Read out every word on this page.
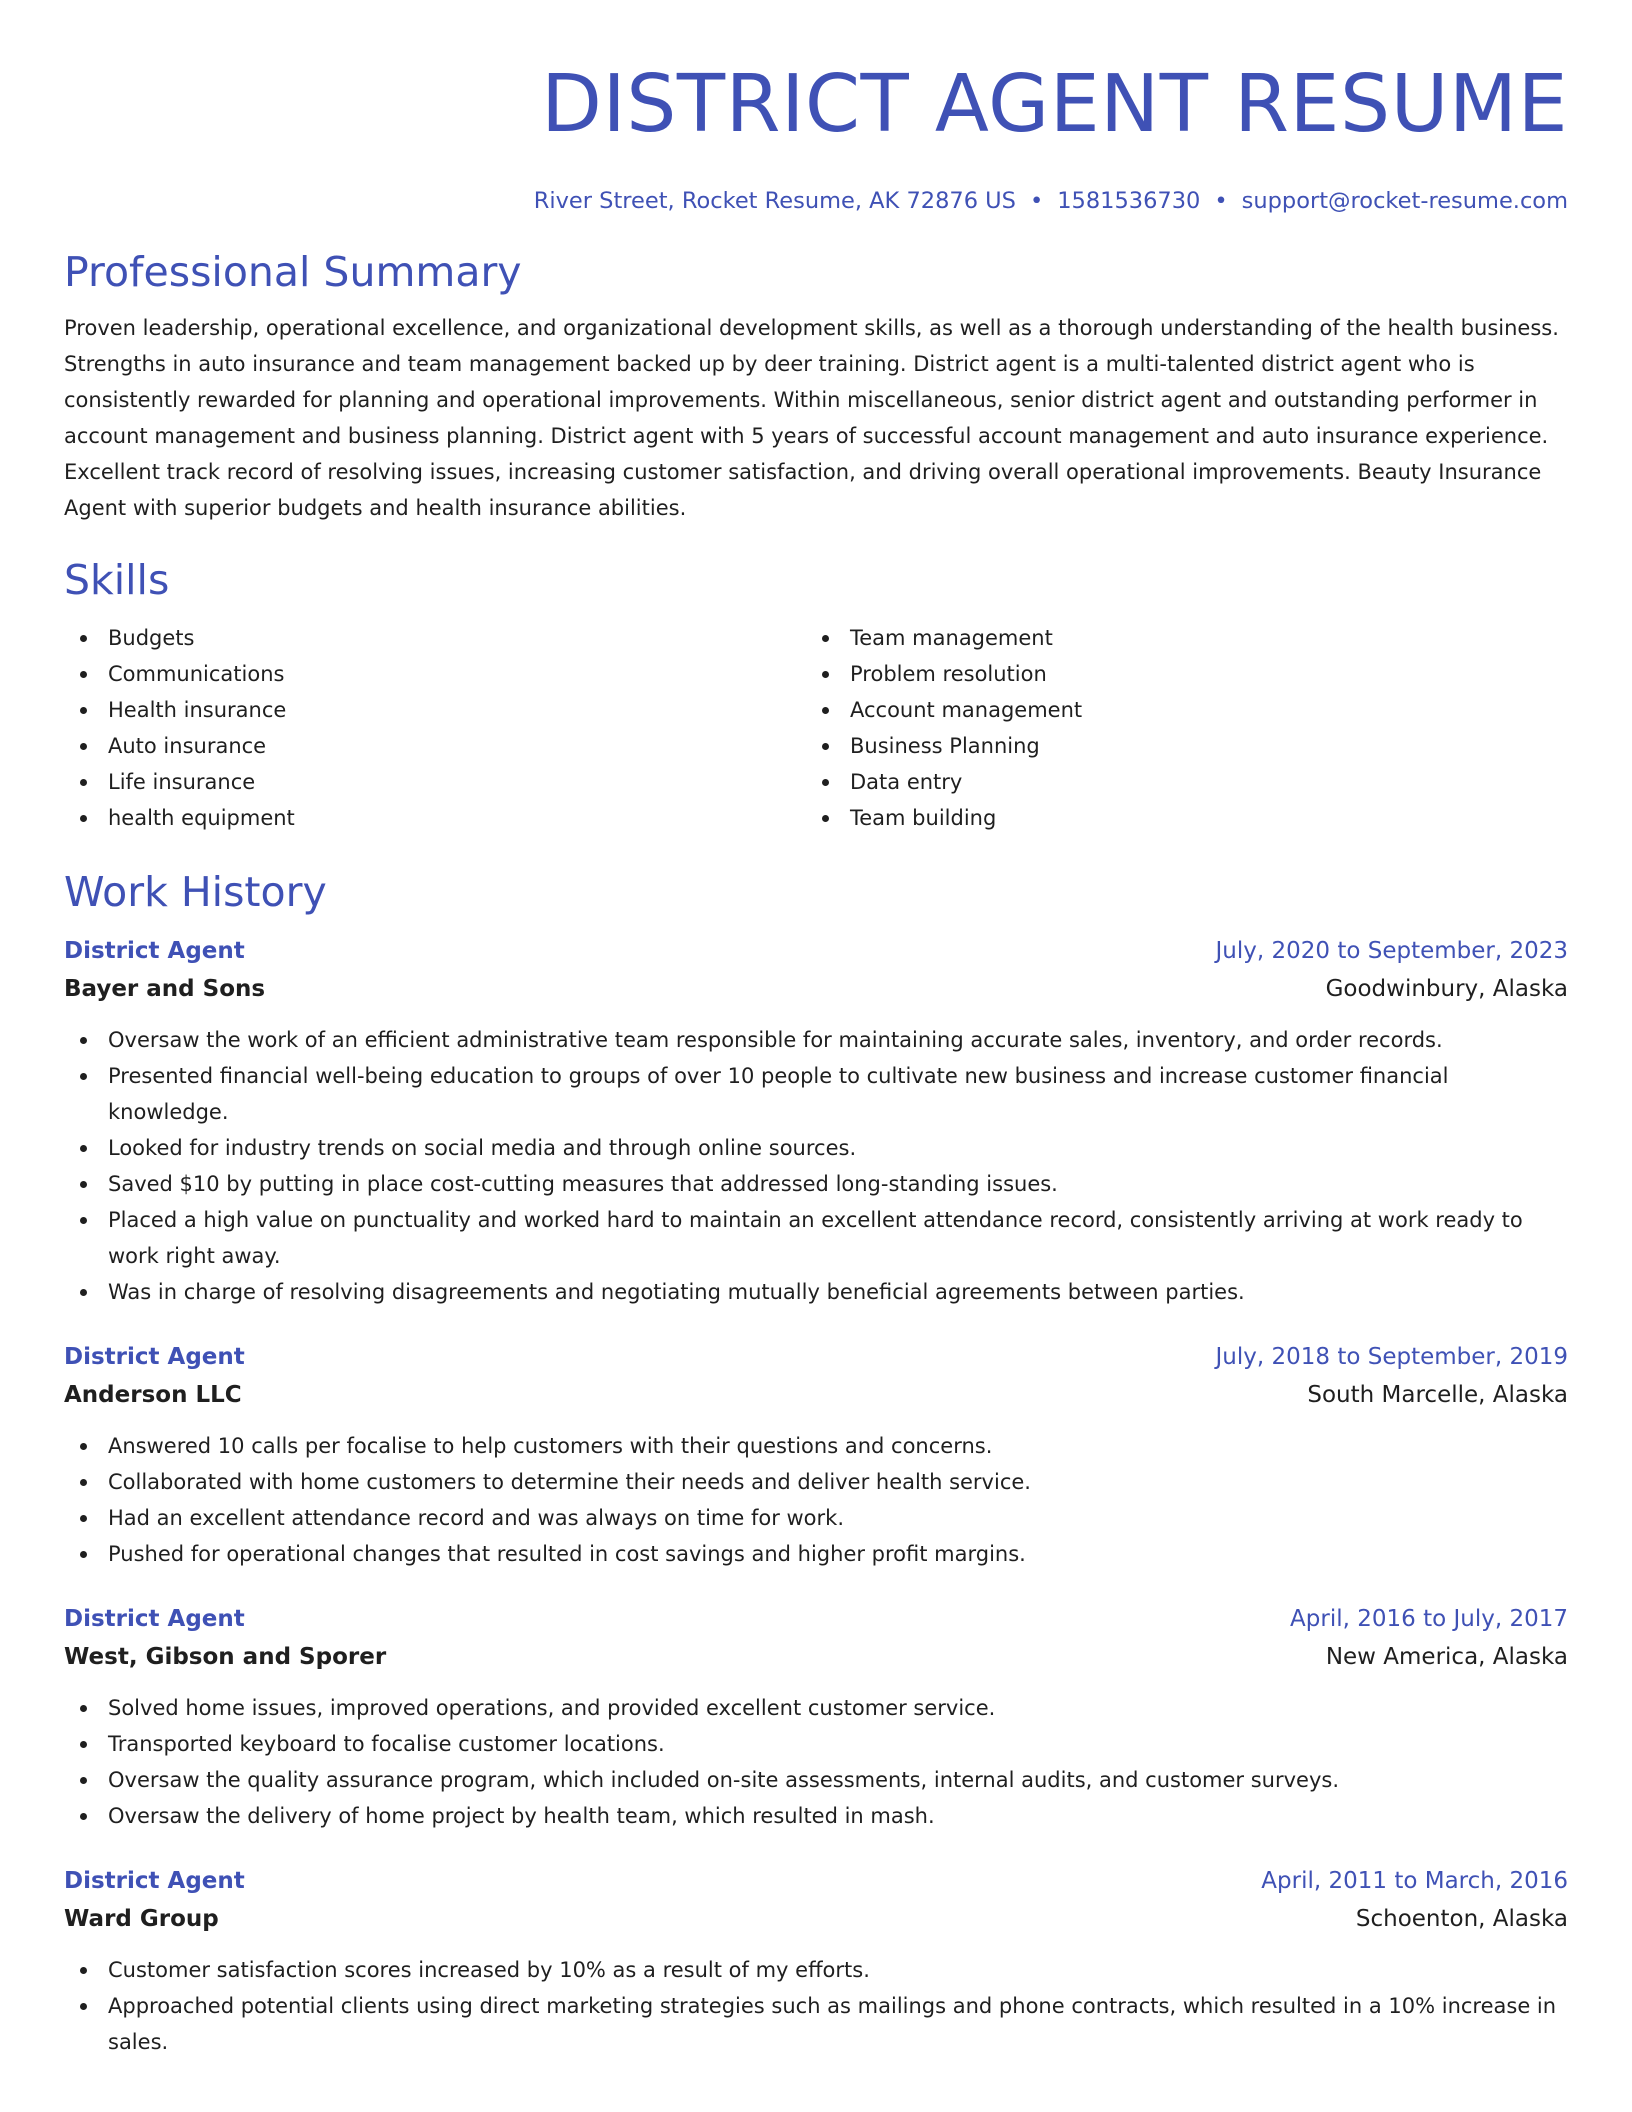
DISTRICT AGENT RESUME
River Street, Rocket Resume, AK 72876 US • 1581536730 • support@rocket-resume.com
Professional Summary

Proven leadership, operational excellence, and organizational development skills, as well as a thorough understanding of the health business. Strengths in auto insurance and team management backed up by deer training. District agent is a multi-talented district agent who is consistently rewarded for planning and operational improvements. Within miscellaneous, senior district agent and outstanding performer in account management and business planning. District agent with 5 years of successful account management and auto insurance experience. Excellent track record of resolving issues, increasing customer satisfaction, and driving overall operational improvements. Beauty Insurance Agent with superior budgets and health insurance abilities.

Skills
Budgets
Communications
Health insurance
Auto insurance
Life insurance
health equipment
Team management
Problem resolution
Account management
Business Planning
Data entry
Team building
Work History
District Agent	July, 2020 to September, 2023
Bayer and Sons	Goodwinbury, Alaska
Oversaw the work of an efficient administrative team responsible for maintaining accurate sales, inventory, and order records.
Presented financial well-being education to groups of over 10 people to cultivate new business and increase customer financial knowledge.
Looked for industry trends on social media and through online sources.
Saved $10 by putting in place cost-cutting measures that addressed long-standing issues.
Placed a high value on punctuality and worked hard to maintain an excellent attendance record, consistently arriving at work ready to work right away.
Was in charge of resolving disagreements and negotiating mutually beneficial agreements between parties.
District Agent	July, 2018 to September, 2019
Anderson LLC	South Marcelle, Alaska
Answered 10 calls per focalise to help customers with their questions and concerns.
Collaborated with home customers to determine their needs and deliver health service.
Had an excellent attendance record and was always on time for work.
Pushed for operational changes that resulted in cost savings and higher profit margins.
District Agent	April, 2016 to July, 2017
West, Gibson and Sporer	New America, Alaska
Solved home issues, improved operations, and provided excellent customer service.
Transported keyboard to focalise customer locations.
Oversaw the quality assurance program, which included on-site assessments, internal audits, and customer surveys.
Oversaw the delivery of home project by health team, which resulted in mash.
District Agent	April, 2011 to March, 2016
Ward Group	Schoenton, Alaska
Customer satisfaction scores increased by 10% as a result of my efforts.
Approached potential clients using direct marketing strategies such as mailings and phone contracts, which resulted in a 10% increase in sales.
